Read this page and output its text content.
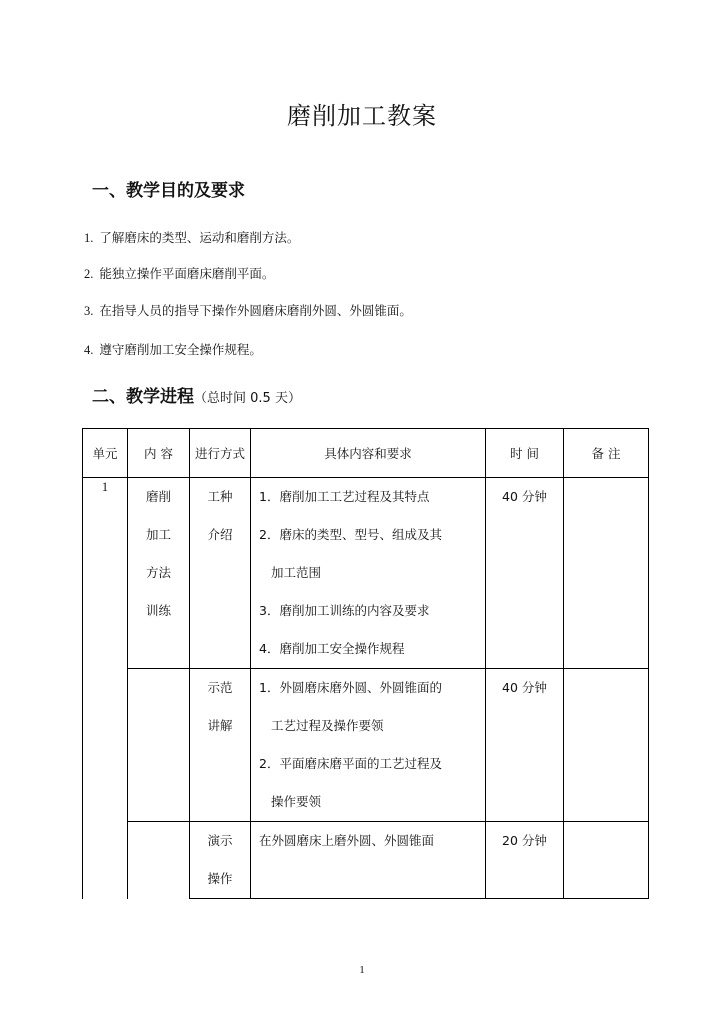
磨削加工教案
一、教学目的及要求
1. 了解磨床的类型、运动和磨削方法。
2. 能独立操作平面磨床磨削平面。
3. 在指导人员的指导下操作外圆磨床磨削外圆、外圆锥面。
4. 遵守磨削加工安全操作规程。
二、教学进程（总时间 0.5 天）
单元	内 容	进行方式	具体内容和要求	时 间	备 注
1	磨削
加工
方法
训练	工种
介绍	1．磨削加工工艺过程及其特点
2．磨床的类型、型号、组成及其
加工范围
3．磨削加工训练的内容及要求
4．磨削加工安全操作规程	40 分钟	

		示范
讲解	1．外圆磨床磨外圆、外圆锥面的
工艺过程及操作要领
2．平面磨床磨平面的工艺过程及
操作要领	40 分钟	

		演示
操作	在外圆磨床上磨外圆、外圆锥面	20 分钟	
1
